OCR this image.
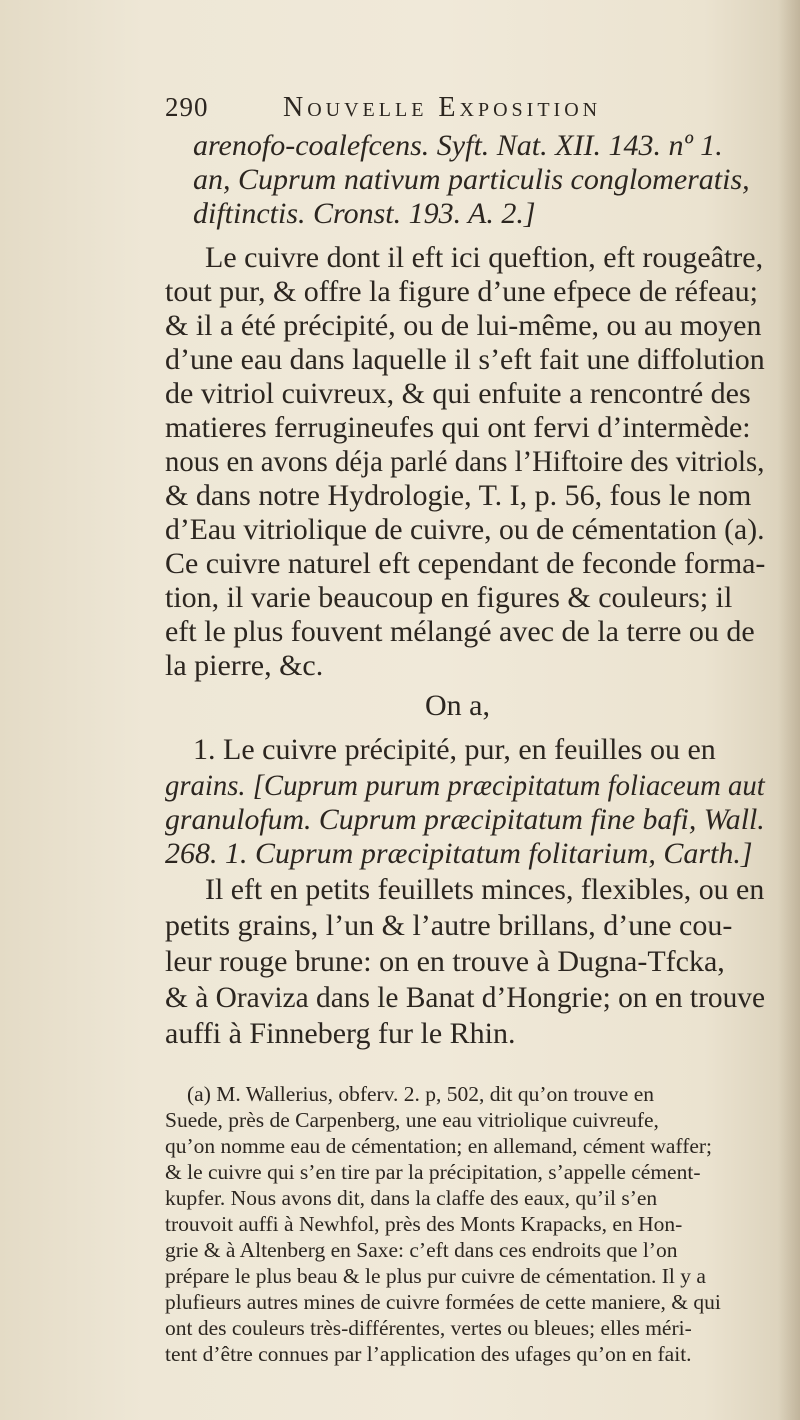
290	Nouvelle Exposition
arenofo-coalefcens. Syft. Nat. XII. 143. nº 1.
an, Cuprum nativum particulis conglomeratis,
diftinctis. Cronst. 193. A. 2.]
Le cuivre dont il eft ici queftion, eft rougeâtre,
tout pur, & offre la figure d’une efpece de réfeau;
& il a été précipité, ou de lui-même, ou au moyen
d’une eau dans laquelle il s’eft fait une diffolution
de vitriol cuivreux, & qui enfuite a rencontré des
matieres ferrugineufes qui ont fervi d’intermède:
nous en avons déja parlé dans l’Hiftoire des vitriols,
& dans notre Hydrologie, T. I, p. 56, fous le nom
d’Eau vitriolique de cuivre, ou de cémentation (a).
Ce cuivre naturel eft cependant de feconde forma-
tion, il varie beaucoup en figures & couleurs; il
eft le plus fouvent mélangé avec de la terre ou de
la pierre, &c.
On a,
1. Le cuivre précipité, pur, en feuilles ou en
grains. [Cuprum purum præcipitatum foliaceum aut
granulofum. Cuprum præcipitatum fine bafi, Wall.
268. 1. Cuprum præcipitatum folitarium, Carth.]
Il eft en petits feuillets minces, flexibles, ou en
petits grains, l’un & l’autre brillans, d’une cou-
leur rouge brune: on en trouve à Dugna-Tfcka,
& à Oraviza dans le Banat d’Hongrie; on en trouve
auffi à Finneberg fur le Rhin.
(a) M. Wallerius, obferv. 2. p, 502, dit qu’on trouve en
Suede, près de Carpenberg, une eau vitriolique cuivreufe,
qu’on nomme eau de cémentation; en allemand, cément waffer;
& le cuivre qui s’en tire par la précipitation, s’appelle cément-
kupfer. Nous avons dit, dans la claffe des eaux, qu’il s’en
trouvoit auffi à Newhfol, près des Monts Krapacks, en Hon-
grie & à Altenberg en Saxe: c’eft dans ces endroits que l’on
prépare le plus beau & le plus pur cuivre de cémentation. Il y a
plufieurs autres mines de cuivre formées de cette maniere, & qui
ont des couleurs très-différentes, vertes ou bleues; elles méri-
tent d’être connues par l’application des ufages qu’on en fait.
